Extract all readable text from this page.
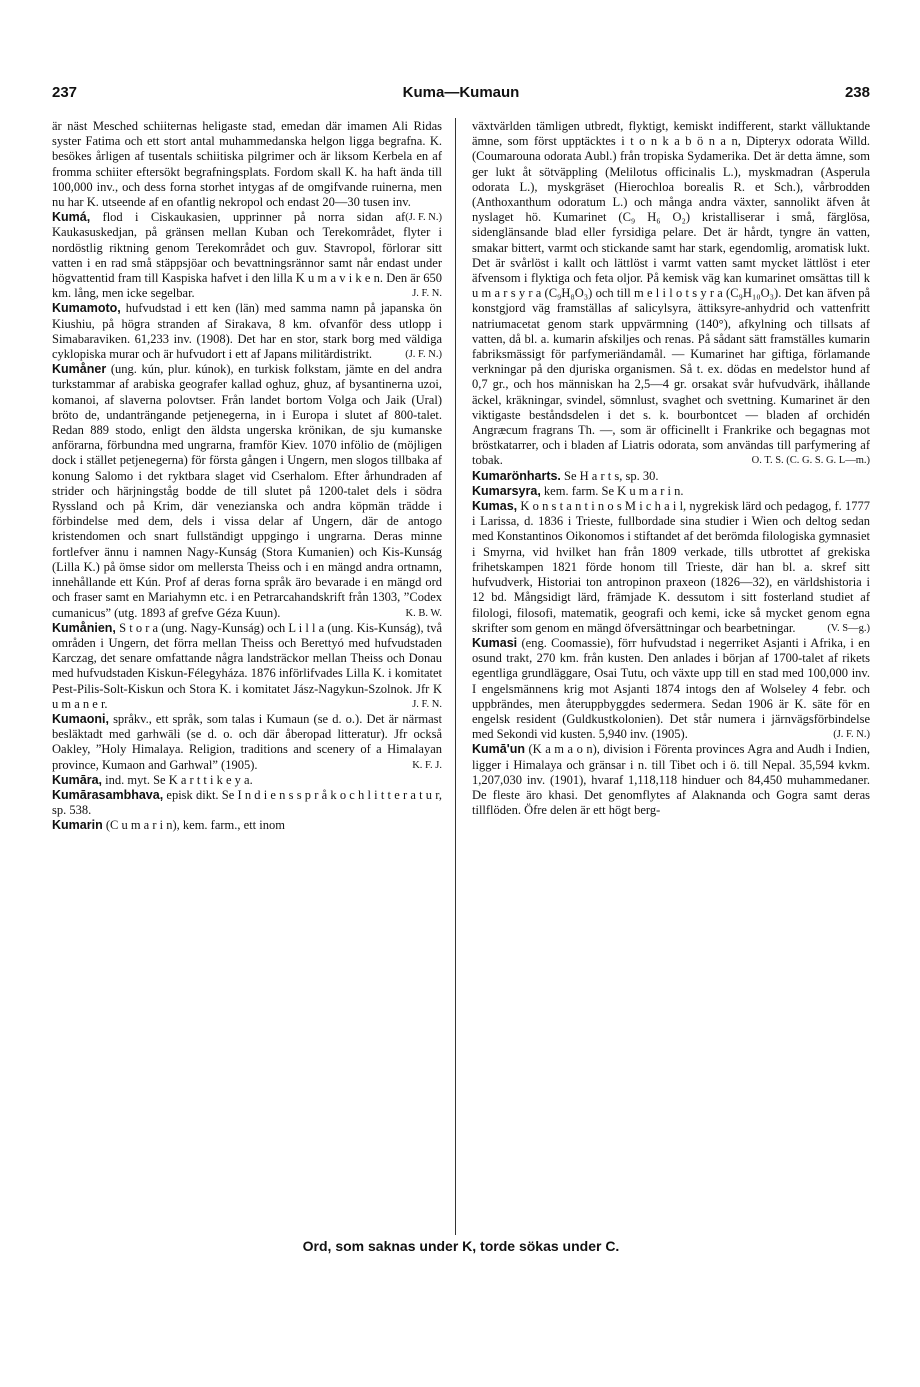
237	Kuma—Kumaun	238

är näst Mesched schiiternas heligaste stad, emedan där imamen Ali Ridas syster Fatima och ett stort antal muhammedanska helgon ligga begrafna. K. besökes årligen af tusentals schiitiska pilgrimer och är liksom Kerbela en af fromma schiiter eftersökt begrafningsplats. Fordom skall K. ha haft ända till 100,000 inv., och dess forna storhet intygas af de omgifvande ruinerna, men nu har K. utseende af en ofantlig nekropol och endast 20—30 tusen inv.
(J. F. N.)

Kumá, flod i Ciskaukasien, upprinner på norra sidan af Kaukasuskedjan, på gränsen mellan Kuban och Terekområdet, flyter i nordöstlig riktning genom Terekområdet och guv. Stavropol, förlorar sitt vatten i en rad små stäppsjöar och bevattningsrännor samt når endast under högvattentid fram till Kaspiska hafvet i den lilla K u m a v i k e n. Den är 650 km. lång, men icke segelbar.	J. F. N.

Kumamoto, hufvudstad i ett ken (län) med samma namn på japanska ön Kiushiu, på högra stranden af Sirakava, 8 km. ofvanför dess utlopp i Simabaraviken. 61,233 inv. (1908). Det har en stor, stark borg med väldiga cyklopiska murar och är hufvudort i ett af Japans militärdistrikt.	(J. F. N.)

Kumåner (ung. kún, plur. kúnok), en turkisk folkstam, jämte en del andra turkstammar af arabiska geografer kallad oghuz, ghuz, af bysantinerna uzoi, komanoi, af slaverna polovtser. Från landet bortom Volga och Jaik (Ural) bröto de, undanträngande petjenegerna, in i Europa i slutet af 800-talet. Redan 889 stodo, enligt den äldsta ungerska krönikan, de sju kumanske anförarna, förbundna med ungrarna, framför Kiev. 1070 infölio de (möjligen dock i stället petjenegerna) för första gången i Ungern, men slogos tillbaka af konung Salomo i det ryktbara slaget vid Cserhalom. Efter århundraden af strider och härjningståg bodde de till slutet på 1200-talet dels i södra Ryssland och på Krim, där venezianska och andra köpmän trädde i förbindelse med dem, dels i vissa delar af Ungern, där de antogo kristendomen och snart fullständigt uppgingo i ungrarna. Deras minne fortlefver ännu i namnen Nagy-Kunság (Stora Kumanien) och Kis-Kunság (Lilla K.) på ömse sidor om mellersta Theiss och i en mängd andra ortnamn, innehållande ett Kún. Prof af deras forna språk äro bevarade i en mängd ord och fraser samt en Mariahymn etc. i en Petrarcahandskrift från 1303, ”Codex cumanicus” (utg. 1893 af grefve Géza Kuun).	K. B. W.

Kumånien, S t o r a (ung. Nagy-Kunság) och L i l l a (ung. Kis-Kunság), två områden i Ungern, det förra mellan Theiss och Berettyó med hufvudstaden Karczag, det senare omfattande några landsträckor mellan Theiss och Donau med hufvudstaden Kiskun-Félegyháza. 1876 införlifvades Lilla K. i komitatet Pest-Pilis-Solt-Kiskun och Stora K. i komitatet Jász-Nagykun-Szolnok. Jfr K u m a n e r.	J. F. N.

Kumaoni, språkv., ett språk, som talas i Kumaun (se d. o.). Det är närmast besläktadt med garhwāli (se d. o. och där åberopad litteratur). Jfr också Oakley, ”Holy Himalaya. Religion, traditions and scenery of a Himalayan province, Kumaon and Garhwal” (1905).	K. F. J.

Kumāra, ind. myt. Se K a r t t i k e y a.

Kumārasambhava, episk dikt. Se I n d i e n s s p r å k o c h l i t t e r a t u r, sp. 538.

Kumarin (C u m a r i n), kem. farm., ett inom

växtvärlden tämligen utbredt, flyktigt, kemiskt indifferent, starkt välluktande ämne, som först upptäcktes i t o n k a b ö n a n, Dipteryx odorata Willd. (Coumarouna odorata Aubl.) från tropiska Sydamerika. Det är detta ämne, som ger lukt åt sötväppling (Melilotus officinalis L.), myskmadran (Asperula odorata L.), myskgräset (Hierochloa borealis R. et Sch.), vårbrodden (Anthoxanthum odoratum L.) och många andra växter, sannolikt äfven åt nyslaget hö. Kumarinet (C₉ H₆ O₂) kristalliserar i små, färglösa, sidenglänsande blad eller fyrsidiga pelare. Det är hårdt, tyngre än vatten, smakar bittert, varmt och stickande samt har stark, egendomlig, aromatisk lukt. Det är svårlöst i kallt och lättlöst i varmt vatten samt mycket lättlöst i eter äfvensom i flyktiga och feta oljor. På kemisk väg kan kumarinet omsättas till k u m a r s y r a (C₉H₈O₃) och till m e l i l o t s y r a (C₉H₁₀O₃). Det kan äfven på konstgjord väg framställas af salicylsyra, ättiksyre-anhydrid och vattenfritt natriumacetat genom stark uppvärmning (140°), afkylning och tillsats af vatten, då bl. a. kumarin afskiljes och renas. På sådant sätt framställes kumarin fabriksmässigt för parfymeriändamål. — Kumarinet har giftiga, förlamande verkningar på den djuriska organismen. Så t. ex. dödas en medelstor hund af 0,7 gr., och hos människan ha 2,5—4 gr. orsakat svår hufvudvärk, ihållande äckel, kräkningar, svindel, sömnlust, svaghet och svettning. Kumarinet är den viktigaste beståndsdelen i det s. k. bourbontcet — bladen af orchidén Angræcum fragrans Th. —, som är officinellt i Frankrike och begagnas mot bröstkatarrer, och i bladen af Liatris odorata, som användas till parfymering af tobak.	O. T. S. (C. G. S. G. L—m.)

Kumarönharts. Se H a r t s, sp. 30.

Kumarsyra, kem. farm. Se K u m a r i n.

Kumas, K o n s t a n t i n o s M i c h a i l, nygrekisk lärd och pedagog, f. 1777 i Larissa, d. 1836 i Trieste, fullbordade sina studier i Wien och deltog sedan med Konstantinos Oikonomos i stiftandet af det berömda filologiska gymnasiet i Smyrna, vid hvilket han från 1809 verkade, tills utbrottet af grekiska frihetskampen 1821 förde honom till Trieste, där han bl. a. skref sitt hufvudverk, Historiai ton antropinon praxeon (1826—32), en världshistoria i 12 bd. Mångsidigt lärd, främjade K. dessutom i sitt fosterland studiet af filologi, filosofi, matematik, geografi och kemi, icke så mycket genom egna skrifter som genom en mängd öfversättningar och bearbetningar.	(V. S—g.)

Kumasi (eng. Coomassie), förr hufvudstad i negerriket Asjanti i Afrika, i en osund trakt, 270 km. från kusten. Den anlades i början af 1700-talet af rikets egentliga grundläggare, Osai Tutu, och växte upp till en stad med 100,000 inv. I engelsmännens krig mot Asjanti 1874 intogs den af Wolseley 4 febr. och uppbrändes, men återuppbyggdes sedermera. Sedan 1906 är K. säte för en engelsk resident (Guldkustkolonien). Det står numera i järnvägsförbindelse med Sekondi vid kusten. 5,940 inv. (1905).	(J. F. N.)

Kumā'un (K a m a o n), division i Förenta provinces Agra and Audh i Indien, ligger i Himalaya och gränsar i n. till Tibet och i ö. till Nepal. 35,594 kvkm. 1,207,030 inv. (1901), hvaraf 1,118,118 hinduer och 84,450 muhammedaner. De fleste äro khasi. Det genomflytes af Alaknanda och Gogra samt deras tillflöden. Öfre delen är ett högt berg-

Ord, som saknas under K, torde sökas under C.
